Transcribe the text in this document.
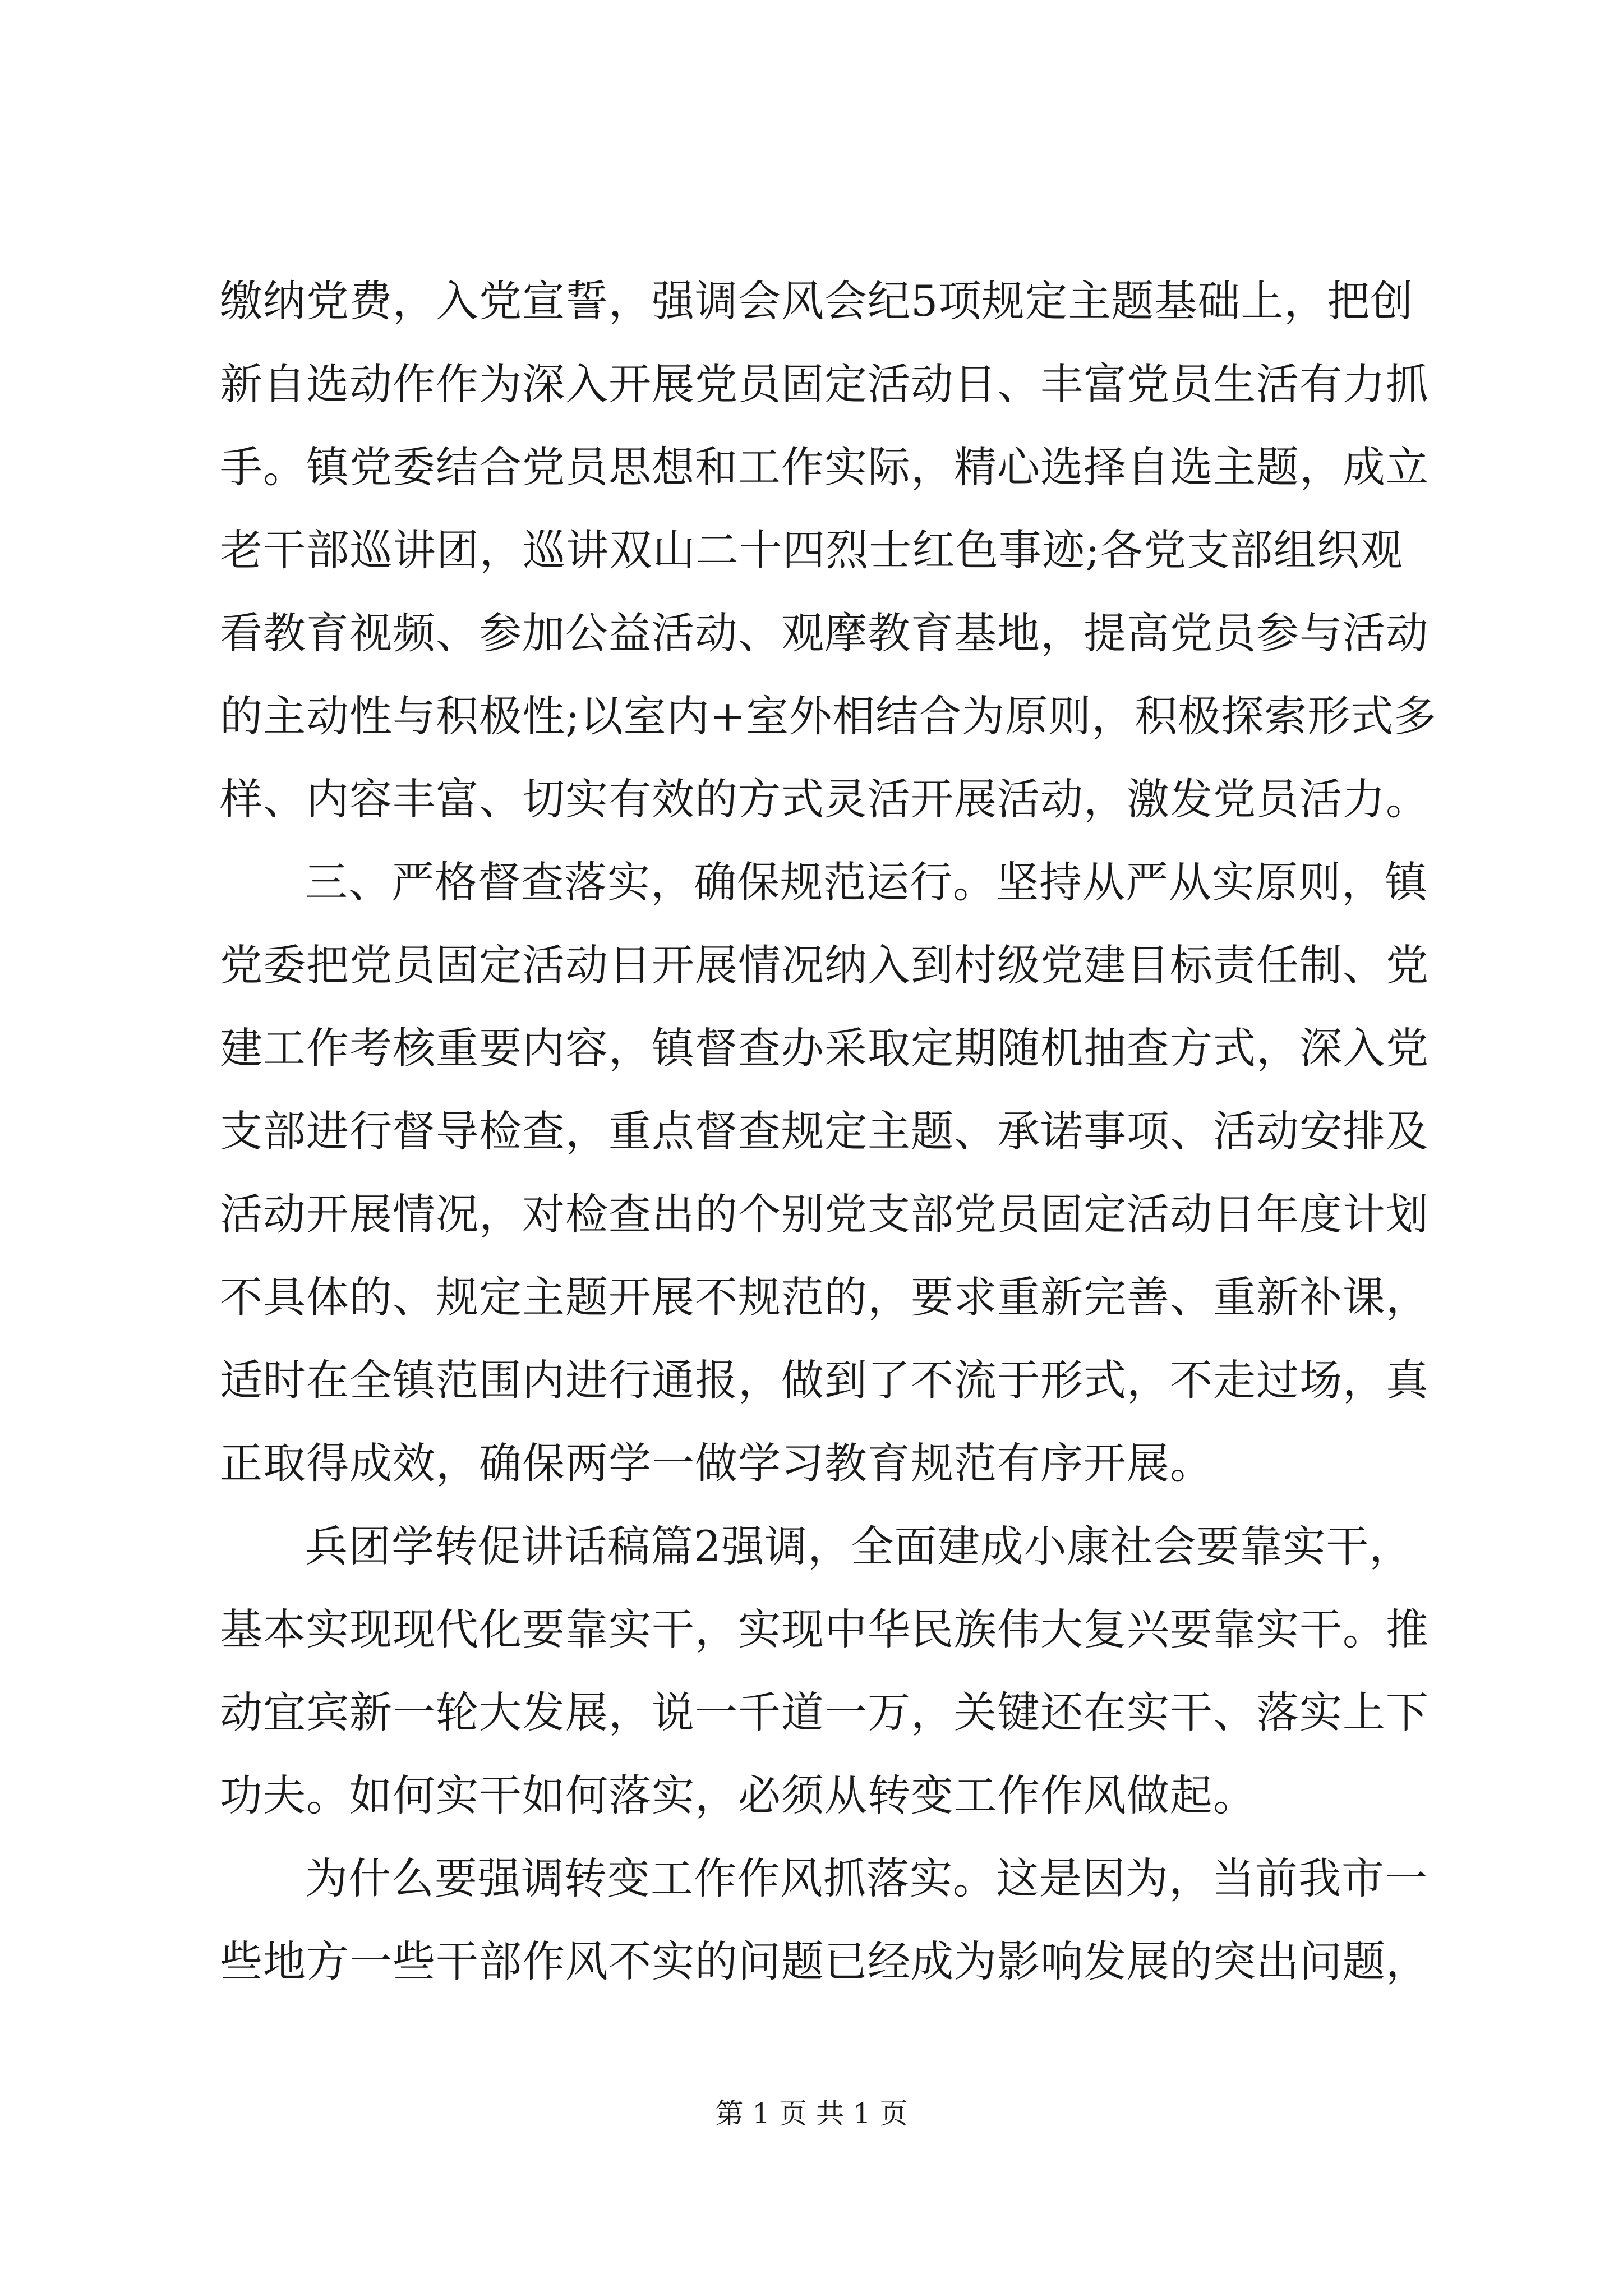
缴纳党费，入党宣誓，强调会风会纪5项规定主题基础上，把创
新自选动作作为深入开展党员固定活动日、丰富党员生活有力抓
手。镇党委结合党员思想和工作实际，精心选择自选主题，成立
老干部巡讲团，巡讲双山二十四烈士红色事迹;各党支部组织观
看教育视频、参加公益活动、观摩教育基地，提高党员参与活动
的主动性与积极性;以室内+室外相结合为原则，积极探索形式多
样、内容丰富、切实有效的方式灵活开展活动，激发党员活力。
三、严格督查落实，确保规范运行。坚持从严从实原则，镇
党委把党员固定活动日开展情况纳入到村级党建目标责任制、党
建工作考核重要内容，镇督查办采取定期随机抽查方式，深入党
支部进行督导检查，重点督查规定主题、承诺事项、活动安排及
活动开展情况，对检查出的个别党支部党员固定活动日年度计划
不具体的、规定主题开展不规范的，要求重新完善、重新补课，
适时在全镇范围内进行通报，做到了不流于形式，不走过场，真
正取得成效，确保两学一做学习教育规范有序开展。
兵团学转促讲话稿篇2强调，全面建成小康社会要靠实干，
基本实现现代化要靠实干，实现中华民族伟大复兴要靠实干。推
动宜宾新一轮大发展，说一千道一万，关键还在实干、落实上下
功夫。如何实干如何落实，必须从转变工作作风做起。
为什么要强调转变工作作风抓落实。这是因为，当前我市一
些地方一些干部作风不实的问题已经成为影响发展的突出问题，
第 1 页 共 1 页
